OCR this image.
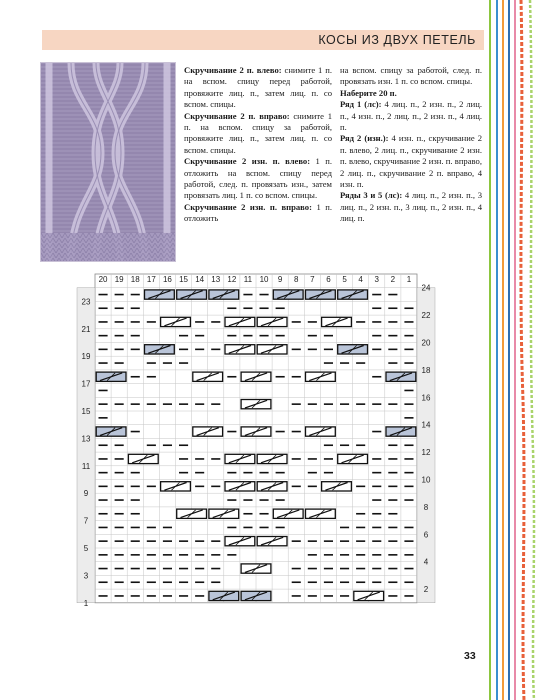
КОСЫ ИЗ ДВУХ ПЕТЕЛЬ

Скручивание 2 п. влево: снимите 1 п. на вспом. спицу перед работой, провяжите лиц. п., затем лиц. п. со вспом. спицы.

Скручивание 2 п. вправо: снимите 1 п. на вспом. спицу за работой, провяжите лиц. п., затем лиц. п. со вспом. спицы.

Скручивание 2 изн. п. влево: 1 п. отложить на вспом. спицу перед работой, след. п. провязать изн., затем провязать лиц. 1 п. со вспом. спицы.

Скручивание 2 изн. п. вправо: 1 п. отложить

на вспом. спицу за работой, след. п. провязать изн. 1 п. со вспом. спицы.

Наберите 20 п.

Ряд 1 (лс): 4 лиц. п., 2 изн. п., 2 лиц. п., 4 изн. п., 2 лиц. п., 2 изн. п., 4 лиц. п.

Ряд 2 (изн.): 4 изн. п., скручивание 2 п. влево, 2 лиц. п., скручивание 2 изн. п. влево, скручивание 2 изн. п. вправо, 2 лиц. п., скручивание 2 п. вправо, 4 изн. п.

Ряды 3 и 5 (лс): 4 лиц. п., 2 изн. п., 3 лиц. п., 2 изн. п., 3 лиц. п., 2 изн. п., 4 лиц. п.

20 19 18 17 16 15 14 13 12 11 10 9 8 7 6 5 4 3 2 1
24
22
20
18
16
14
12
10
8
6
4
2
23
21
19
17
15
13
11
9
7
5
3
1
33
